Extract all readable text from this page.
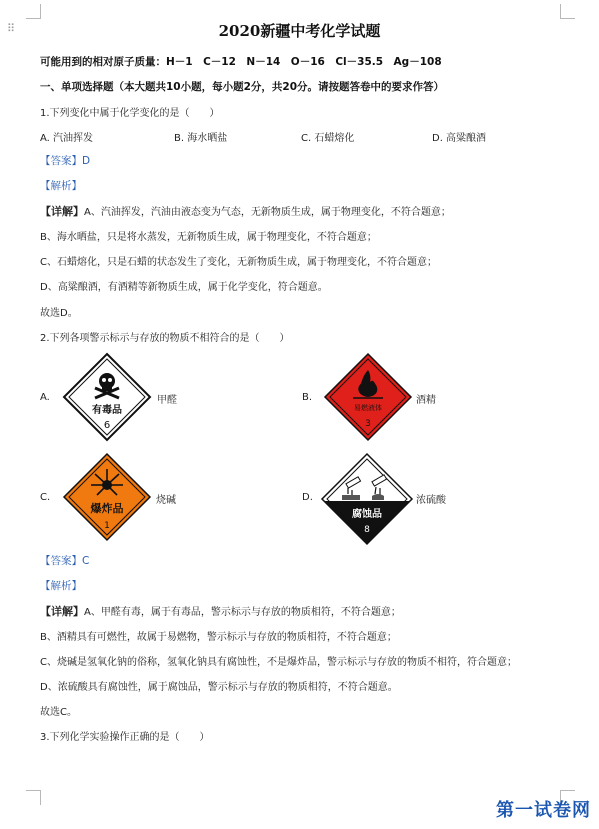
⠿	2020新疆中考化学试题
可能用到的相对原子质量：H－1　C－12　N－14　O－16　Cl－35.5　Ag－108
一、单项选择题（本大题共10小题，每小题2分，共20分。请按题答卷中的要求作答）
1.下列变化中属于化学变化的是（　　）
A. 汽油挥发	B. 海水晒盐	C. 石蜡熔化	D. 高粱酿酒
【答案】D
【解析】
【详解】A、汽油挥发，汽油由液态变为气态，无新物质生成，属于物理变化，不符合题意；
B、海水晒盐，只是将水蒸发，无新物质生成，属于物理变化，不符合题意；
C、石蜡熔化，只是石蜡的状态发生了变化，无新物质生成，属于物理变化，不符合题意；
D、高粱酿酒，有酒精等新物质生成，属于化学变化，符合题意。
故选D。
2.下列各项警示标示与存放的物质不相符合的是（　　）
A.
有毒品
6
甲醛	B.
易燃液体
3
酒精
C.
爆炸品
1
烧碱	D.
腐蚀品
8
浓硫酸
【答案】C
【解析】
【详解】A、甲醛有毒，属于有毒品，警示标示与存放的物质相符，不符合题意；
B、酒精具有可燃性，故属于易燃物，警示标示与存放的物质相符，不符合题意；
C、烧碱是氢氧化钠的俗称，氢氧化钠具有腐蚀性，不是爆炸品，警示标示与存放的物质不相符，符合题意；
D、浓硫酸具有腐蚀性，属于腐蚀品，警示标示与存放的物质相符，不符合题意。
故选C。
3.下列化学实验操作正确的是（　　）
第一试卷网
